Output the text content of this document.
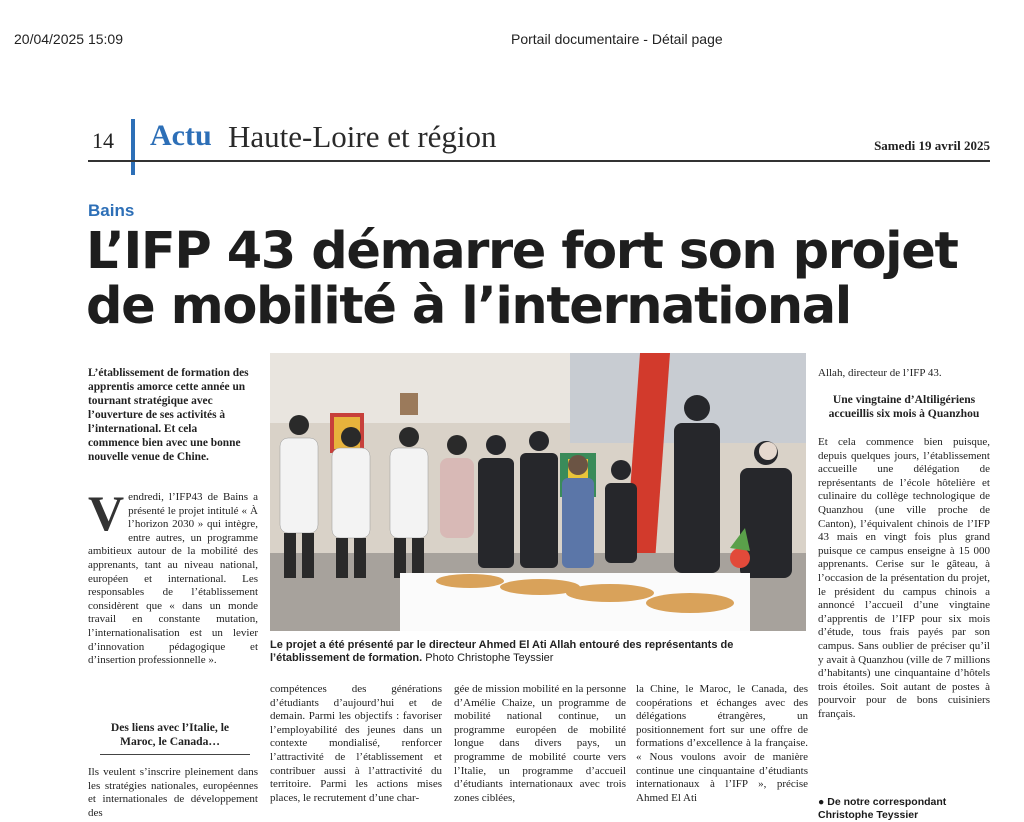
20/04/2025 15:09	Portail documentaire - Détail page
14 Actu Haute-Loire et région	Samedi 19 avril 2025
Bains
L’IFP 43 démarre fort son projet
de mobilité à l’international
L’établissement de formation des apprentis amorce cette année un tournant stratégique avec l’ouverture de ses activités à l’international. Et cela commence bien avec une bonne nouvelle venue de Chine.
Vendredi, l’IFP43 de Bains a présenté le projet intitulé « À l’horizon 2030 » qui intègre, entre autres, un programme ambitieux autour de la mobilité des apprenants, tant au niveau national, européen et international. Les responsables de l’établissement considèrent que « dans un monde travail en constante mutation, l’internationalisation est un levier d’innovation pédagogique et d’insertion professionnelle ».
Des liens avec l’Italie, le Maroc, le Canada…
Ils veulent s’inscrire pleinement dans les stratégies nationales, européennes et internationales de développement des
Le projet a été présenté par le directeur Ahmed El Ati Allah entouré des représentants de l’établissement de formation. Photo Christophe Teyssier
compétences des générations d’étudiants d’aujourd’hui et de demain. Parmi les objectifs : favoriser l’employabilité des jeunes dans un contexte mondialisé, renforcer l’attractivité de l’établissement et contribuer aussi à l’attractivité du territoire. Parmi les actions mises places, le recrutement d’une char-
gée de mission mobilité en la personne d’Amélie Chaize, un programme de mobilité national continue, un programme européen de mobilité longue dans divers pays, un programme de mobilité courte vers l’Italie, un programme d’accueil d’étudiants internationaux avec trois zones ciblées,
la Chine, le Maroc, le Canada, des coopérations et échanges avec des délégations étrangères, un positionnement fort sur une offre de formations d’excellence à la française. « Nous voulons avoir de manière continue une cinquantaine d’étudiants internationaux à l’IFP », précise Ahmed El Ati
Allah, directeur de l’IFP 43.
Une vingtaine d’Altiligériens accueillis six mois à Quanzhou
Et cela commence bien puisque, depuis quelques jours, l’établissement accueille une délégation de représentants de l’école hôtelière et culinaire du collège technologique de Quanzhou (une ville proche de Canton), l’équivalent chinois de l’IFP 43 mais en vingt fois plus grand puisque ce campus enseigne à 15 000 apprenants. Cerise sur le gâteau, à l’occasion de la présentation du projet, le président du campus chinois a annoncé l’accueil d’une vingtaine d’apprentis de l’IFP pour six mois d’étude, tous frais payés par son campus. Sans oublier de préciser qu’il y avait à Quanzhou (ville de 7 millions d’habitants) une cinquantaine d’hôtels trois étoiles. Soit autant de postes à pourvoir pour de bons cuisiniers français.
● De notre correspondant
Christophe Teyssier
